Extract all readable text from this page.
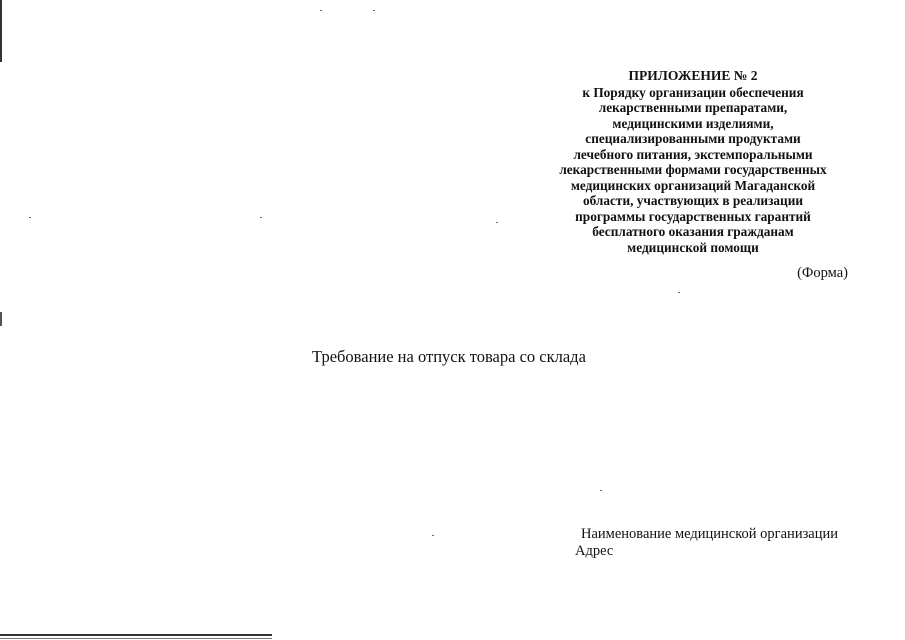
ПРИЛОЖЕНИЕ № 2
к Порядку организации обеспечения
лекарственными препаратами,
медицинскими изделиями,
специализированными продуктами
лечебного питания, экстемпоральными
лекарственными формами государственных
медицинских организаций Магаданской
области, участвующих в реализации
программы государственных гарантий
бесплатного оказания гражданам
медицинской помощи
(Форма)
Требование на отпуск товара со склада
Наименование медицинской организации
Адрес
